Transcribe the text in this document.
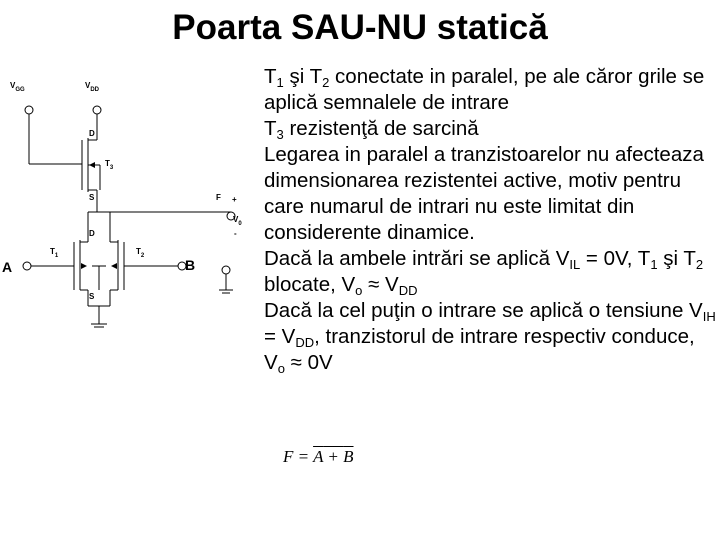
Poarta SAU-NU statică
$V_{GG}$	$V_{DD}$
D
$T_3$
S	F +
$V_0$
-
D
$T_1$	$T_2$
S
A	B

$T_1$ şi $T_2$ conectate in paralel, pe ale căror grile se aplică semnalele de intrare

$T_3$ rezistenţă de sarcină

Legarea in paralel a tranzistoarelor nu afecteaza dimensionarea rezistentei active, motiv pentru care numarul de intrari nu este limitat din considerente dinamice.

Dacă la ambele intrări se aplică $V_{IL} = 0V$, $T_1$ şi $T_2$ blocate, $V_o \approx V_{DD}$

Dacă la cel puţin o intrare se aplică o tensiune $V_{IH} = V_{DD}$, tranzistorul de intrare respectiv conduce, $V_o \approx 0V$

F = A + B
